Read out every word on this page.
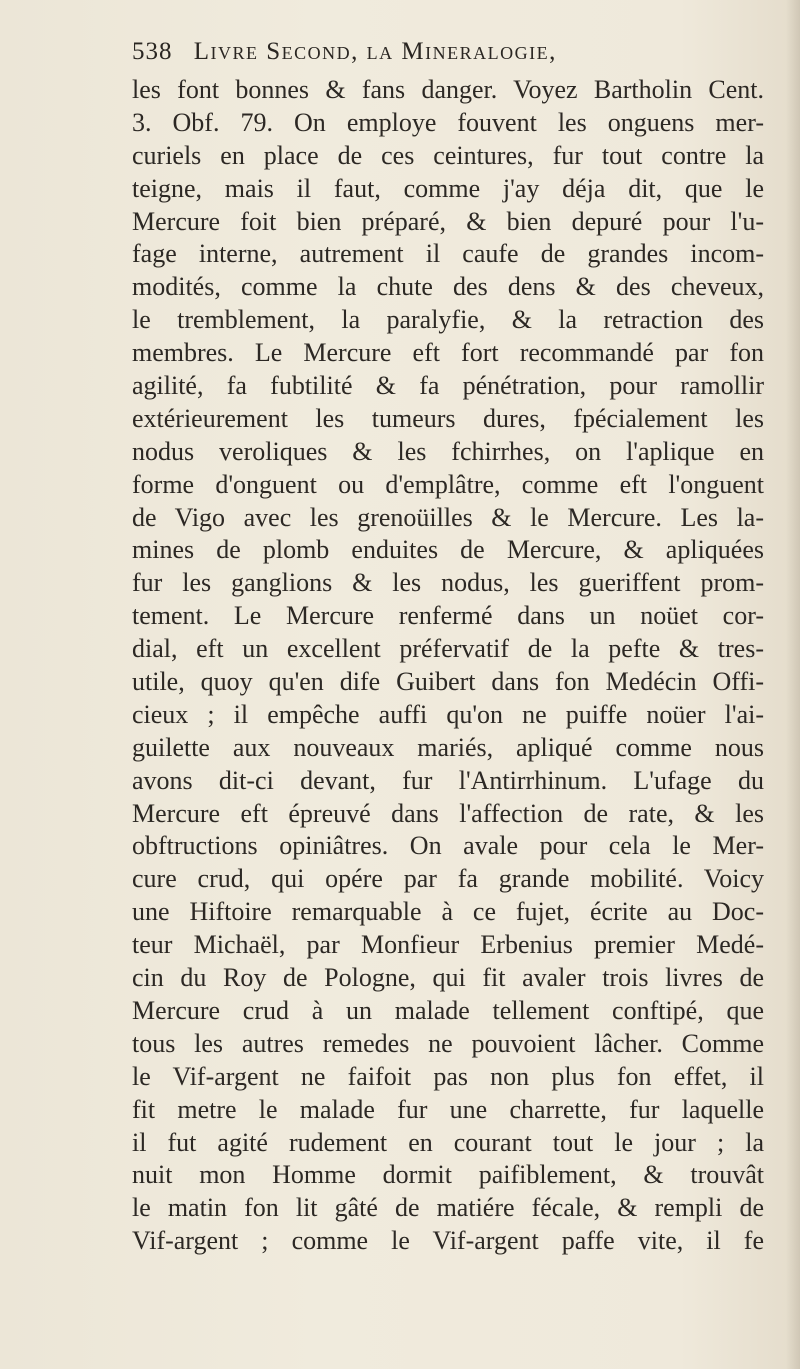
538 Livre Second, la Mineralogie,
les font bonnes & fans danger. Voyez Bartholin Cent.
3. Obf. 79. On employe fouvent les onguens mer-
curiels en place de ces ceintures, fur tout contre la
teigne, mais il faut, comme j'ay déja dit, que le
Mercure foit bien préparé, & bien depuré pour l'u-
fage interne, autrement il caufe de grandes incom-
modités, comme la chute des dens & des cheveux,
le tremblement, la paralyfie, & la retraction des
membres. Le Mercure eft fort recommandé par fon
agilité, fa fubtilité & fa pénétration, pour ramollir
extérieurement les tumeurs dures, fpécialement les
nodus veroliques & les fchirrhes, on l'aplique en
forme d'onguent ou d'emplâtre, comme eft l'onguent
de Vigo avec les grenoüilles & le Mercure. Les la-
mines de plomb enduites de Mercure, & apliquées
fur les ganglions & les nodus, les gueriffent prom-
tement. Le Mercure renfermé dans un noüet cor-
dial, eft un excellent préfervatif de la pefte & tres-
utile, quoy qu'en dife Guibert dans fon Medécin Offi-
cieux ; il empêche auffi qu'on ne puiffe noüer l'ai-
guilette aux nouveaux mariés, apliqué comme nous
avons dit-ci devant, fur l'Antirrhinum. L'ufage du
Mercure eft épreuvé dans l'affection de rate, & les
obftructions opiniâtres. On avale pour cela le Mer-
cure crud, qui opére par fa grande mobilité. Voicy
une Hiftoire remarquable à ce fujet, écrite au Doc-
teur Michaël, par Monfieur Erbenius premier Medé-
cin du Roy de Pologne, qui fit avaler trois livres de
Mercure crud à un malade tellement conftipé, que
tous les autres remedes ne pouvoient lâcher. Comme
le Vif-argent ne faifoit pas non plus fon effet, il
fit metre le malade fur une charrette, fur laquelle
il fut agité rudement en courant tout le jour ; la
nuit mon Homme dormit paifiblement, & trouvât
le matin fon lit gâté de matiére fécale, & rempli de
Vif-argent ; comme le Vif-argent paffe vite, il fe
